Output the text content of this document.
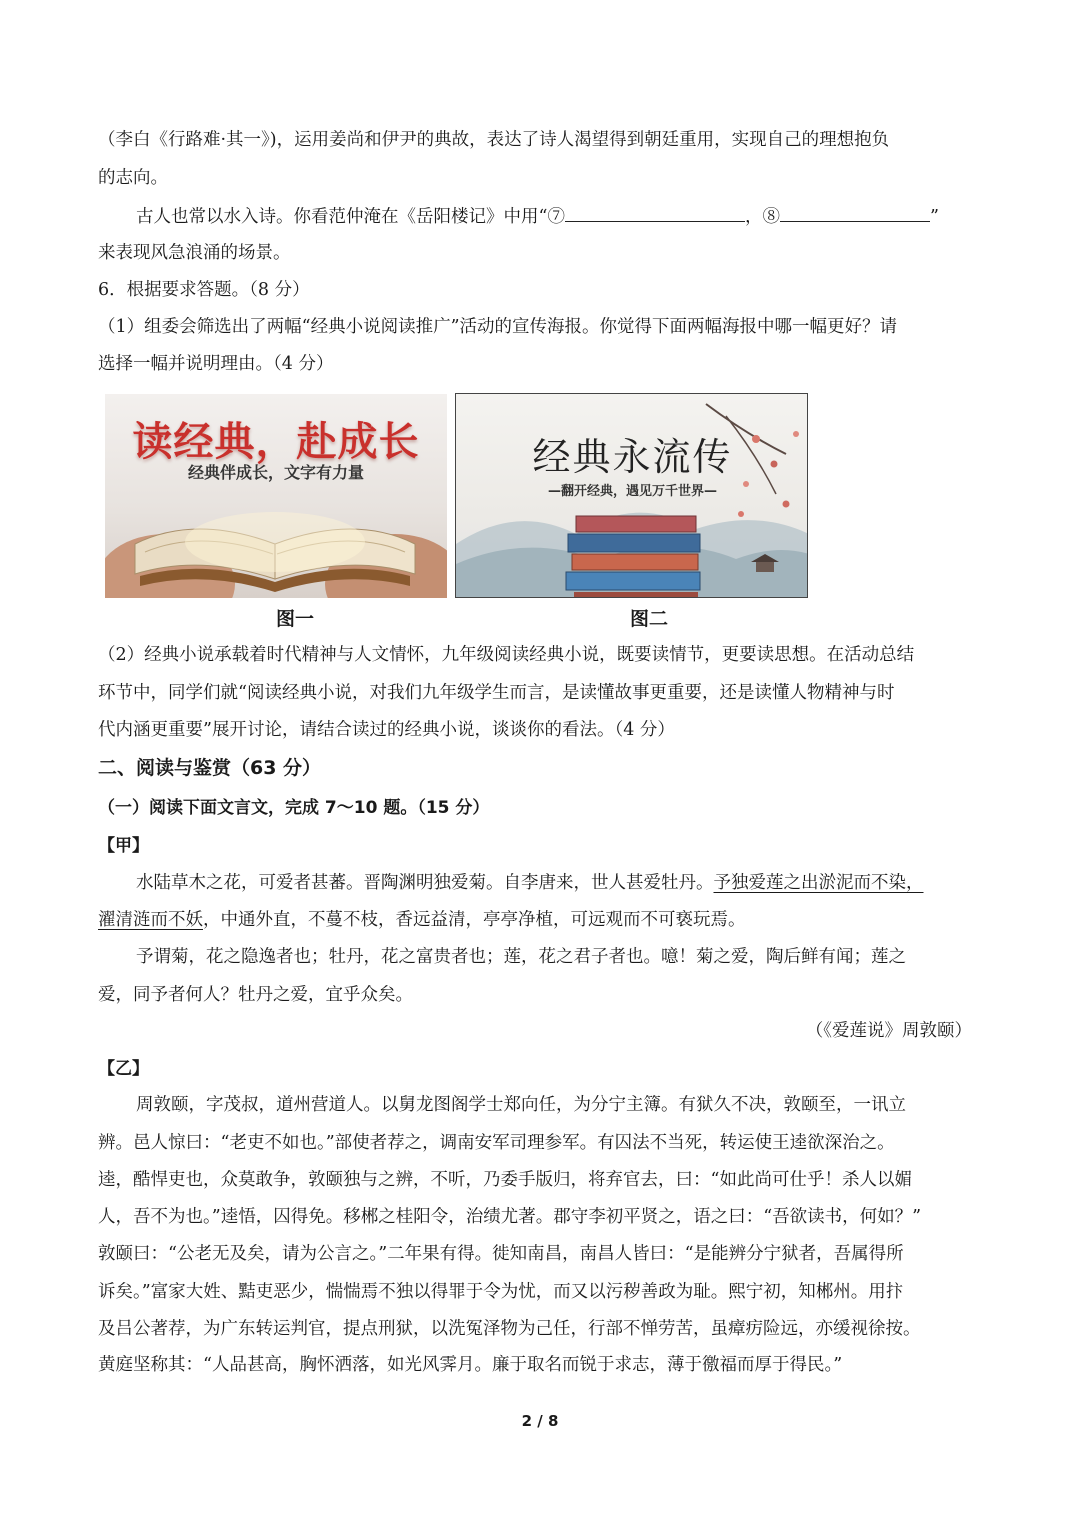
（李白《行路难·其一》)，运用姜尚和伊尹的典故，表达了诗人渴望得到朝廷重用，实现自己的理想抱负
的志向。
古人也常以水入诗。你看范仲淹在《岳阳楼记》中用“⑦	，⑧	”
来表现风急浪涌的场景。
6．根据要求答题。（8 分）
（1）组委会筛选出了两幅“经典小说阅读推广”活动的宣传海报。你觉得下面两幅海报中哪一幅更好？请
选择一幅并说明理由。（4 分）
读经典，赴成长
经典伴成长，文字有力量	经典永流传
—翻开经典，遇见万千世界—
图一	图二
（2）经典小说承载着时代精神与人文情怀，九年级阅读经典小说，既要读情节，更要读思想。在活动总结
环节中，同学们就“阅读经典小说，对我们九年级学生而言，是读懂故事更重要，还是读懂人物精神与时
代内涵更重要”展开讨论，请结合读过的经典小说，谈谈你的看法。（4 分）
二、阅读与鉴赏（63 分）
（一）阅读下面文言文，完成 7～10 题。（15 分）
【甲】
水陆草木之花，可爱者甚蕃。晋陶渊明独爱菊。自李唐来，世人甚爱牡丹。予独爱莲之出淤泥而不染，
濯清涟而不妖，中通外直，不蔓不枝，香远益清，亭亭净植，可远观而不可亵玩焉。
予谓菊，花之隐逸者也；牡丹，花之富贵者也；莲，花之君子者也。噫！菊之爱，陶后鲜有闻；莲之
爱，同予者何人？牡丹之爱，宜乎众矣。
（《爱莲说》周敦颐）
【乙】
周敦颐，字茂叔，道州营道人。以舅龙图阁学士郑向任，为分宁主簿。有狱久不决，敦颐至，一讯立
辨。邑人惊曰：“老吏不如也。”部使者荐之，调南安军司理参军。有囚法不当死，转运使王逵欲深治之。
逵，酷悍吏也，众莫敢争，敦颐独与之辨，不听，乃委手版归，将弃官去，曰：“如此尚可仕乎！杀人以媚
人，吾不为也。”逵悟，囚得免。移郴之桂阳令，治绩尤著。郡守李初平贤之，语之曰：“吾欲读书，何如？”
敦颐曰：“公老无及矣，请为公言之。”二年果有得。徙知南昌，南昌人皆曰：“是能辨分宁狱者，吾属得所
诉矣。”富家大姓、黠吏恶少，惴惴焉不独以得罪于令为忧，而又以污秽善政为耻。熙宁初，知郴州。用抃
及吕公著荐，为广东转运判官，提点刑狱，以洗冤泽物为己任，行部不惮劳苦，虽瘴疠险远，亦缓视徐按。
黄庭坚称其：“人品甚高，胸怀洒落，如光风霁月。廉于取名而锐于求志，薄于徼福而厚于得民。”
2 / 8
